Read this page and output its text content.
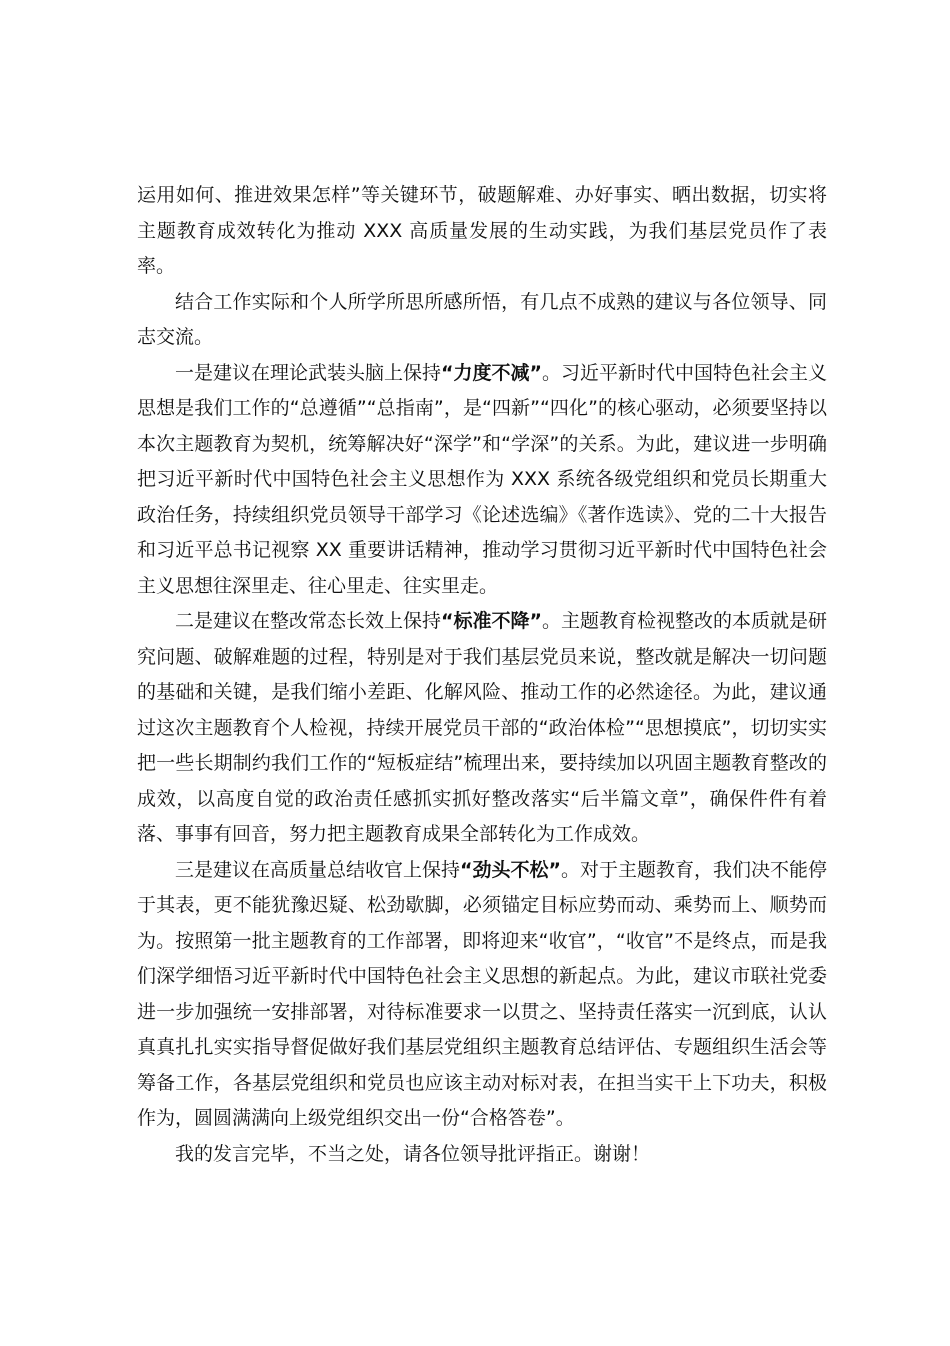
运用如何、推进效果怎样”等关键环节，破题解难、办好事实、晒出数据，切实将主题教育成效转化为推动 XXX 高质量发展的生动实践，为我们基层党员作了表率。

结合工作实际和个人所学所思所感所悟，有几点不成熟的建议与各位领导、同志交流。

一是建议在理论武装头脑上保持“力度不减”。习近平新时代中国特色社会主义思想是我们工作的“总遵循”“总指南”，是“四新”“四化”的核心驱动，必须要坚持以本次主题教育为契机，统筹解决好“深学”和“学深”的关系。为此，建议进一步明确把习近平新时代中国特色社会主义思想作为 XXX 系统各级党组织和党员长期重大政治任务，持续组织党员领导干部学习《论述选编》《著作选读》、党的二十大报告和习近平总书记视察 XX 重要讲话精神，推动学习贯彻习近平新时代中国特色社会主义思想往深里走、往心里走、往实里走。

二是建议在整改常态长效上保持“标准不降”。主题教育检视整改的本质就是研究问题、破解难题的过程，特别是对于我们基层党员来说，整改就是解决一切问题的基础和关键，是我们缩小差距、化解风险、推动工作的必然途径。为此，建议通过这次主题教育个人检视，持续开展党员干部的“政治体检”“思想摸底”，切切实实把一些长期制约我们工作的“短板症结”梳理出来，要持续加以巩固主题教育整改的成效，以高度自觉的政治责任感抓实抓好整改落实“后半篇文章”，确保件件有着落、事事有回音，努力把主题教育成果全部转化为工作成效。

三是建议在高质量总结收官上保持“劲头不松”。对于主题教育，我们决不能停于其表，更不能犹豫迟疑、松劲歇脚，必须锚定目标应势而动、乘势而上、顺势而为。按照第一批主题教育的工作部署，即将迎来“收官”，“收官”不是终点，而是我们深学细悟习近平新时代中国特色社会主义思想的新起点。为此，建议市联社党委进一步加强统一安排部署，对待标准要求一以贯之、坚持责任落实一沉到底，认认真真扎扎实实指导督促做好我们基层党组织主题教育总结评估、专题组织生活会等筹备工作，各基层党组织和党员也应该主动对标对表，在担当实干上下功夫，积极作为，圆圆满满向上级党组织交出一份“合格答卷”。

我的发言完毕，不当之处，请各位领导批评指正。谢谢！
